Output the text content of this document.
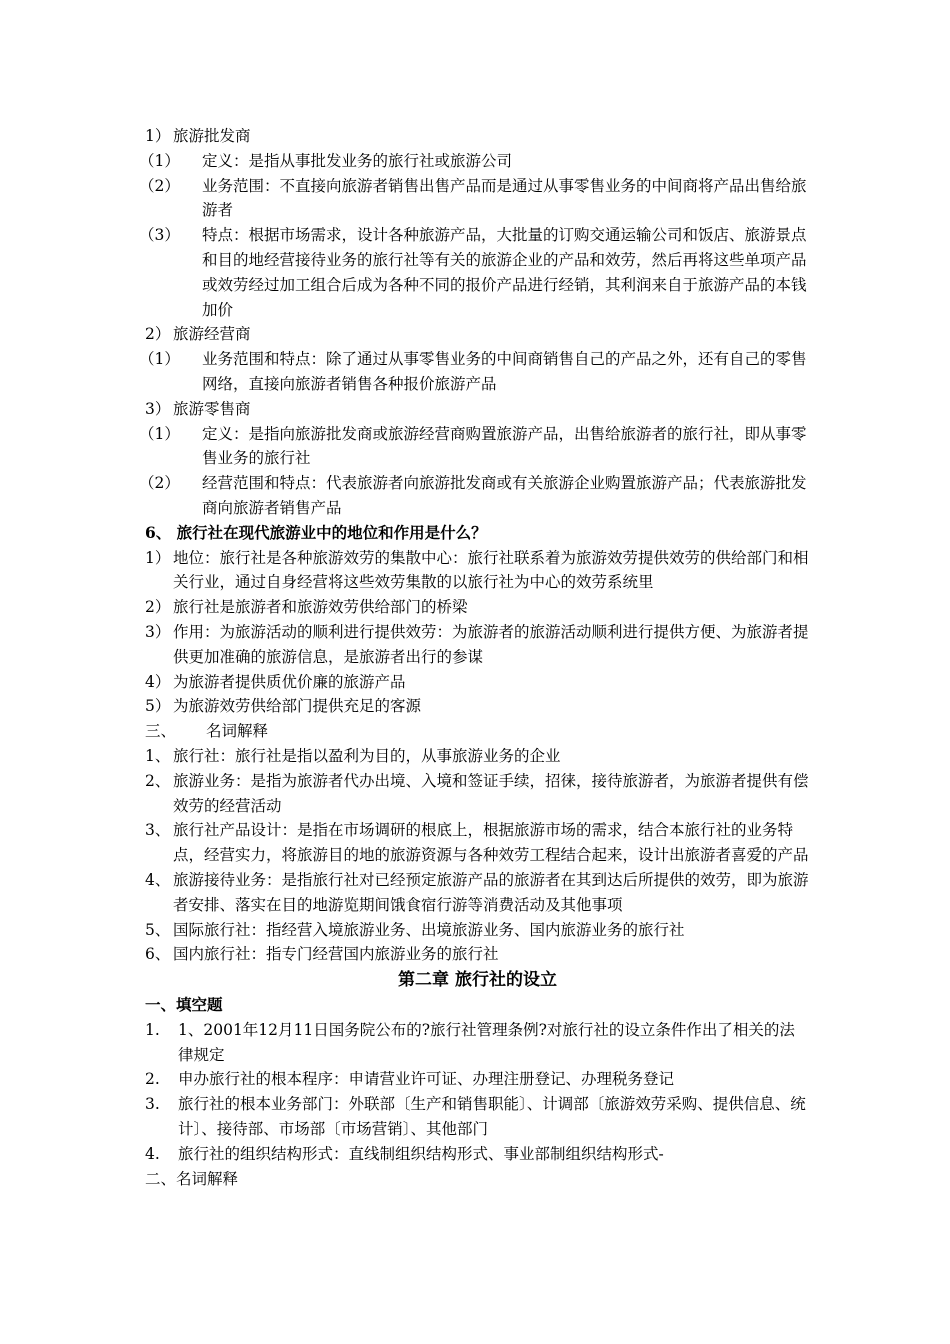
1） 旅游批发商
（1）	定义：是指从事批发业务的旅行社或旅游公司
（2）	业务范围：不直接向旅游者销售出售产品而是通过从事零售业务的中间商将产品出售给旅游者
（3）	特点：根据市场需求，设计各种旅游产品，大批量的订购交通运输公司和饭店、旅游景点和目的地经营接待业务的旅行社等有关的旅游企业的产品和效劳，然后再将这些单项产品或效劳经过加工组合后成为各种不同的报价产品进行经销，其利润来自于旅游产品的本钱加价
2） 旅游经营商
（1）	业务范围和特点：除了通过从事零售业务的中间商销售自己的产品之外，还有自己的零售网络，直接向旅游者销售各种报价旅游产品
3） 旅游零售商
（1）	定义：是指向旅游批发商或旅游经营商购置旅游产品，出售给旅游者的旅行社，即从事零售业务的旅行社
（2）	经营范围和特点：代表旅游者向旅游批发商或有关旅游企业购置旅游产品；代表旅游批发商向旅游者销售产品
6、 旅行社在现代旅游业中的地位和作用是什么？
1） 地位：旅行社是各种旅游效劳的集散中心：旅行社联系着为旅游效劳提供效劳的供给部门和相关行业，通过自身经营将这些效劳集散的以旅行社为中心的效劳系统里
2） 旅行社是旅游者和旅游效劳供给部门的桥梁
3） 作用：为旅游活动的顺利进行提供效劳：为旅游者的旅游活动顺利进行提供方便、为旅游者提供更加准确的旅游信息，是旅游者出行的参谋
4） 为旅游者提供质优价廉的旅游产品
5） 为旅游效劳供给部门提供充足的客源
三、 名词解释
1、 旅行社：旅行社是指以盈利为目的，从事旅游业务的企业
2、 旅游业务：是指为旅游者代办出境、入境和签证手续，招徕，接待旅游者，为旅游者提供有偿效劳的经营活动
3、 旅行社产品设计：是指在市场调研的根底上，根据旅游市场的需求，结合本旅行社的业务特点，经营实力，将旅游目的地的旅游资源与各种效劳工程结合起来，设计出旅游者喜爱的产品
4、 旅游接待业务：是指旅行社对已经预定旅游产品的旅游者在其到达后所提供的效劳，即为旅游者安排、落实在目的地游览期间饿食宿行游等消费活动及其他事项
5、 国际旅行社：指经营入境旅游业务、出境旅游业务、国内旅游业务的旅行社
6、 国内旅行社：指专门经营国内旅游业务的旅行社
第二章 旅行社的设立
一、填空题
1.	1、2001年12月11日国务院公布的?旅行社管理条例?对旅行社的设立条件作出了相关的法律规定
2.	申办旅行社的根本程序：申请营业许可证、办理注册登记、办理税务登记
3.	旅行社的根本业务部门：外联部〔生产和销售职能〕、计调部〔旅游效劳采购、提供信息、统计〕、接待部、市场部〔市场营销〕、其他部门
4.	旅行社的组织结构形式：直线制组织结构形式、事业部制组织结构形式-
二、名词解释
